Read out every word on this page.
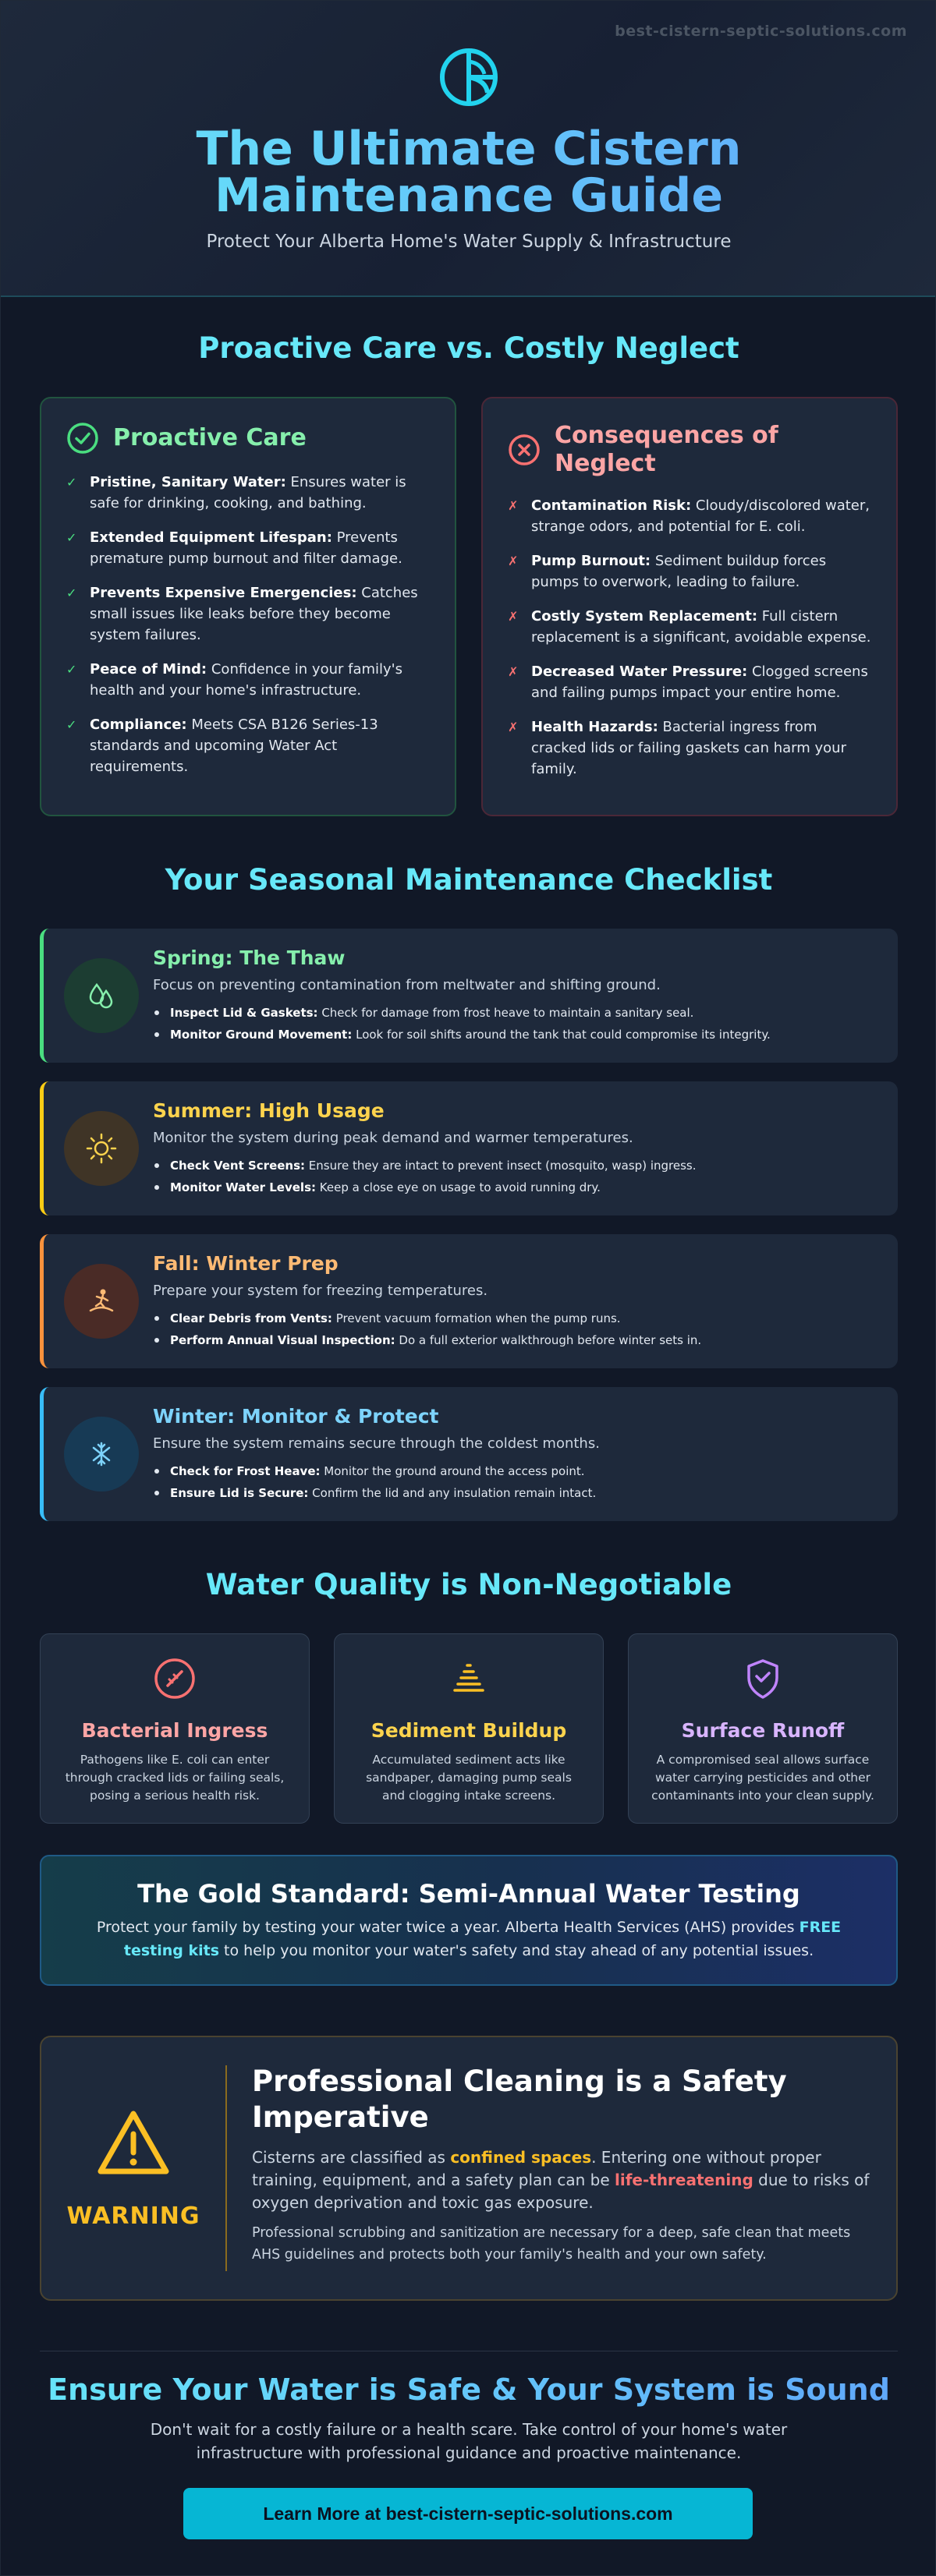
best-cistern-septic-solutions.com
The Ultimate Cistern
Maintenance Guide
Protect Your Alberta Home's Water Supply & Infrastructure
Proactive Care vs. Costly Neglect
Proactive Care
✓ Pristine, Sanitary Water: Ensures water is safe for drinking, cooking, and bathing.
✓ Extended Equipment Lifespan: Prevents premature pump burnout and filter damage.
✓ Prevents Expensive Emergencies: Catches small issues like leaks before they become system failures.
✓ Peace of Mind: Confidence in your family's health and your home's infrastructure.
✓ Compliance: Meets CSA B126 Series-13 standards and upcoming Water Act requirements.
Consequences of Neglect
✗ Contamination Risk: Cloudy/discolored water, strange odors, and potential for E. coli.
✗ Pump Burnout: Sediment buildup forces pumps to overwork, leading to failure.
✗ Costly System Replacement: Full cistern replacement is a significant, avoidable expense.
✗ Decreased Water Pressure: Clogged screens and failing pumps impact your entire home.
✗ Health Hazards: Bacterial ingress from cracked lids or failing gaskets can harm your family.
Your Seasonal Maintenance Checklist
Spring: The Thaw
Focus on preventing contamination from meltwater and shifting ground.
Inspect Lid & Gaskets: Check for damage from frost heave to maintain a sanitary seal.
Monitor Ground Movement: Look for soil shifts around the tank that could compromise its integrity.
Summer: High Usage
Monitor the system during peak demand and warmer temperatures.
Check Vent Screens: Ensure they are intact to prevent insect (mosquito, wasp) ingress.
Monitor Water Levels: Keep a close eye on usage to avoid running dry.
Fall: Winter Prep
Prepare your system for freezing temperatures.
Clear Debris from Vents: Prevent vacuum formation when the pump runs.
Perform Annual Visual Inspection: Do a full exterior walkthrough before winter sets in.
Winter: Monitor & Protect
Ensure the system remains secure through the coldest months.
Check for Frost Heave: Monitor the ground around the access point.
Ensure Lid is Secure: Confirm the lid and any insulation remain intact.
Water Quality is Non-Negotiable
Bacterial Ingress
Pathogens like E. coli can enter through cracked lids or failing seals, posing a serious health risk.
Sediment Buildup
Accumulated sediment acts like sandpaper, damaging pump seals and clogging intake screens.
Surface Runoff
A compromised seal allows surface water carrying pesticides and other contaminants into your clean supply.
The Gold Standard: Semi-Annual Water Testing
Protect your family by testing your water twice a year. Alberta Health Services (AHS) provides FREE testing kits to help you monitor your water's safety and stay ahead of any potential issues.
WARNING
Professional Cleaning is a Safety Imperative
Cisterns are classified as confined spaces. Entering one without proper training, equipment, and a safety plan can be life-threatening due to risks of oxygen deprivation and toxic gas exposure.
Professional scrubbing and sanitization are necessary for a deep, safe clean that meets AHS guidelines and protects both your family's health and your own safety.
Ensure Your Water is Safe & Your System is Sound
Don't wait for a costly failure or a health scare. Take control of your home's water infrastructure with professional guidance and proactive maintenance.
Learn More at best-cistern-septic-solutions.com
